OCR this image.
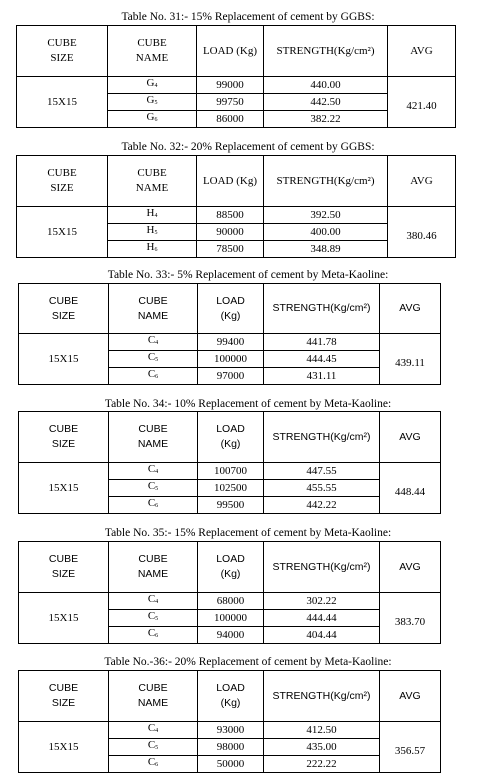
Table No. 31:- 15% Replacement of cement by GGBS:
CUBE SIZE	CUBE NAME	LOAD (Kg)	STRENGTH(Kg/cm²)	AVG
15X15	$G_4$	99000	440.00	421.40
	$G_5$	99750	442.50	
	$G_6$	86000	382.22	
Table No. 32:- 20% Replacement of cement by GGBS:
CUBE SIZE	CUBE NAME	LOAD (Kg)	STRENGTH(Kg/cm²)	AVG
15X15	$H_4$	88500	392.50	380.46
	$H_5$	90000	400.00	
	$H_6$	78500	348.89	
Table No. 33:- 5% Replacement of cement by Meta-Kaoline:
CUBE SIZE	CUBE NAME	LOAD (Kg)	STRENGTH(Kg/cm²)	AVG
15X15	$C_4$	99400	441.78	439.11
	$C_5$	100000	444.45	
	$C_6$	97000	431.11	
Table No. 34:- 10% Replacement of cement by Meta-Kaoline:
CUBE SIZE	CUBE NAME	LOAD (Kg)	STRENGTH(Kg/cm²)	AVG
15X15	$C_4$	100700	447.55	448.44
	$C_5$	102500	455.55	
	$C_6$	99500	442.22	
Table No. 35:- 15% Replacement of cement by Meta-Kaoline:
CUBE SIZE	CUBE NAME	LOAD (Kg)	STRENGTH(Kg/cm²)	AVG
15X15	$C_4$	68000	302.22	383.70
	$C_5$	100000	444.44	
	$C_6$	94000	404.44	
Table No.-36:- 20% Replacement of cement by Meta-Kaoline:
CUBE SIZE	CUBE NAME	LOAD (Kg)	STRENGTH(Kg/cm²)	AVG
15X15	$C_4$	93000	412.50	356.57
	$C_5$	98000	435.00	
	$C_6$	50000	222.22	
